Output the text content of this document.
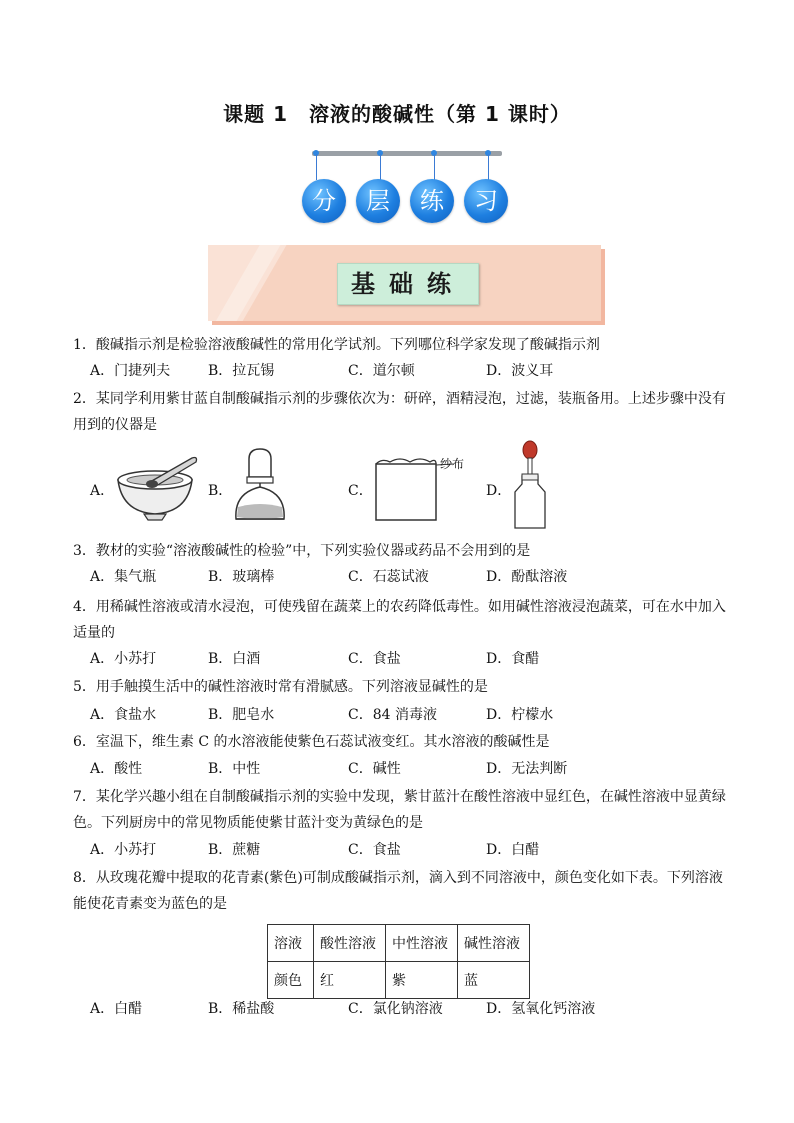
课题 1　溶液的酸碱性（第 1 课时）
分	层	练	习
基础练
1．酸碱指示剂是检验溶液酸碱性的常用化学试剂。下列哪位科学家发现了酸碱指示剂
A．门捷列夫	B．拉瓦锡	C．道尔顿	D．波义耳
2．某同学利用紫甘蓝自制酸碱指示剂的步骤依次为：研碎，酒精浸泡，过滤，装瓶备用。上述步骤中没有用到的仪器是
A．	B．	C．	D．
纱布
3．教材的实验“溶液酸碱性的检验”中，下列实验仪器或药品不会用到的是
A．集气瓶	B．玻璃棒	C．石蕊试液	D．酚酞溶液
4．用稀碱性溶液或清水浸泡，可使残留在蔬菜上的农药降低毒性。如用碱性溶液浸泡蔬菜，可在水中加入适量的
A．小苏打	B．白酒	C．食盐	D．食醋
5．用手触摸生活中的碱性溶液时常有滑腻感。下列溶液显碱性的是
A．食盐水	B．肥皂水	C．84 消毒液	D．柠檬水
6．室温下，维生素 C 的水溶液能使紫色石蕊试液变红。其水溶液的酸碱性是
A．酸性	B．中性	C．碱性	D．无法判断
7．某化学兴趣小组在自制酸碱指示剂的实验中发现，紫甘蓝汁在酸性溶液中显红色，在碱性溶液中显黄绿色。下列厨房中的常见物质能使紫甘蓝汁变为黄绿色的是
A．小苏打	B．蔗糖	C．食盐	D．白醋
8．从玫瑰花瓣中提取的花青素(紫色)可制成酸碱指示剂，滴入到不同溶液中，颜色变化如下表。下列溶液能使花青素变为蓝色的是
溶液	酸性溶液	中性溶液	碱性溶液
颜色	红	紫	蓝
A．白醋	B．稀盐酸	C．氯化钠溶液	D．氢氧化钙溶液
